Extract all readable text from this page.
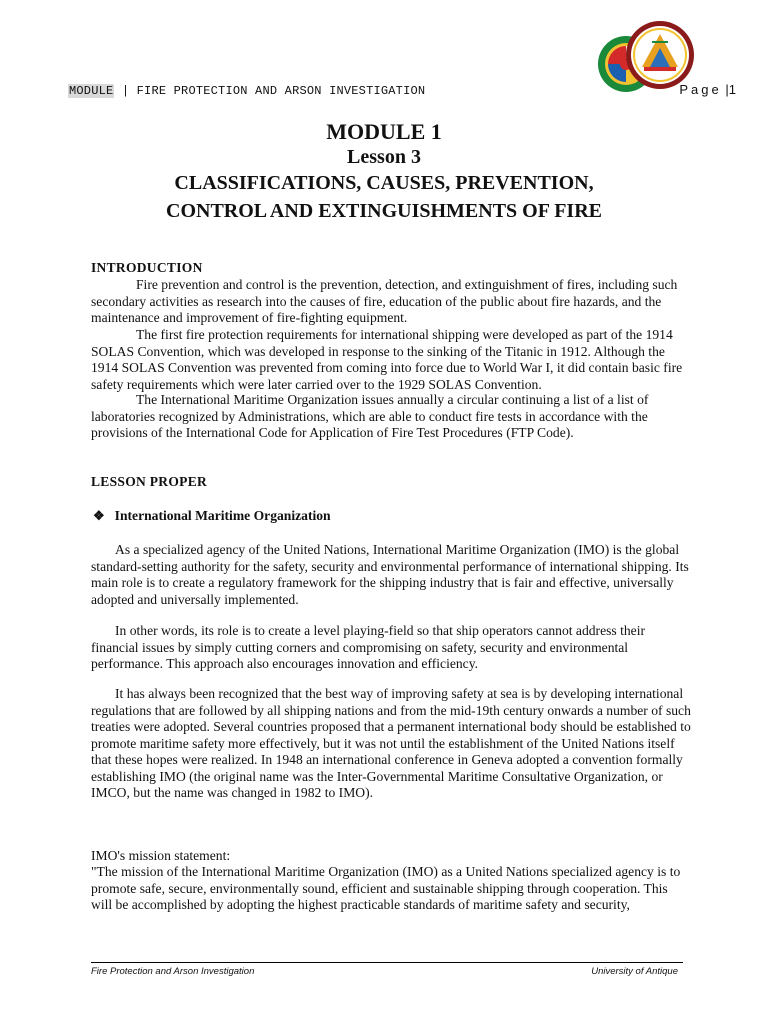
MODULE | FIRE PROTECTION AND ARSON INVESTIGATION	Page |1
MODULE 1
Lesson 3
CLASSIFICATIONS, CAUSES, PREVENTION,
CONTROL AND EXTINGUISHMENTS OF FIRE
INTRODUCTION

Fire prevention and control is the prevention, detection, and extinguishment of fires, including such secondary activities as research into the causes of fire, education of the public about fire hazards, and the maintenance and improvement of fire-fighting equipment.

The first fire protection requirements for international shipping were developed as part of the 1914 SOLAS Convention, which was developed in response to the sinking of the Titanic in 1912. Although the 1914 SOLAS Convention was prevented from coming into force due to World War I, it did contain basic fire safety requirements which were later carried over to the 1929 SOLAS Convention.

The International Maritime Organization issues annually a circular continuing a list of a list of laboratories recognized by Administrations, which are able to conduct fire tests in accordance with the provisions of the International Code for Application of Fire Test Procedures (FTP Code).

LESSON PROPER
❖ International Maritime Organization

As a specialized agency of the United Nations, International Maritime Organization (IMO) is the global standard-setting authority for the safety, security and environmental performance of international shipping. Its main role is to create a regulatory framework for the shipping industry that is fair and effective, universally adopted and universally implemented.

In other words, its role is to create a level playing-field so that ship operators cannot address their financial issues by simply cutting corners and compromising on safety, security and environmental performance. This approach also encourages innovation and efficiency.

It has always been recognized that the best way of improving safety at sea is by developing international regulations that are followed by all shipping nations and from the mid-19th century onwards a number of such treaties were adopted. Several countries proposed that a permanent international body should be established to promote maritime safety more effectively, but it was not until the establishment of the United Nations itself that these hopes were realized. In 1948 an international conference in Geneva adopted a convention formally establishing IMO (the original name was the Inter-Governmental Maritime Consultative Organization, or IMCO, but the name was changed in 1982 to IMO).

IMO's mission statement:

"The mission of the International Maritime Organization (IMO) as a United Nations specialized agency is to promote safe, secure, environmentally sound, efficient and sustainable shipping through cooperation. This will be accomplished by adopting the highest practicable standards of maritime safety and security,

Fire Protection and Arson Investigation	University of Antique
